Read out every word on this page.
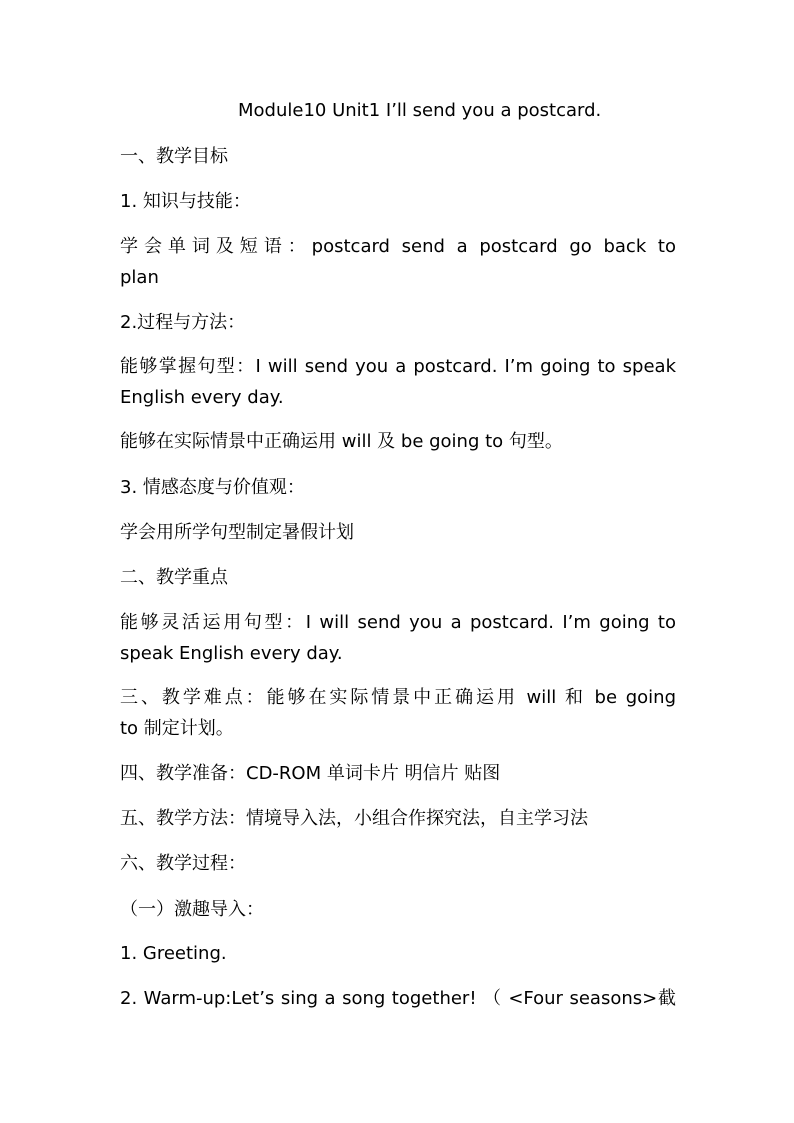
Module10 Unit1 I’ll send you a postcard.
一、教学目标
1. 知识与技能：
学会单词及短语：postcard send a postcard go back to
plan
2.过程与方法：
能够掌握句型：I will send you a postcard. I’m going to speak
English every day.
能够在实际情景中正确运用 will 及 be going to 句型。
3. 情感态度与价值观：
学会用所学句型制定暑假计划
二、教学重点
能够灵活运用句型：I will send you a postcard. I’m going to
speak English every day.
三、教学难点：能够在实际情景中正确运用 will 和 be going
to 制定计划。
四、教学准备：CD-ROM 单词卡片 明信片 贴图
五、教学方法：情境导入法，小组合作探究法，自主学习法
六、教学过程：
（一）激趣导入：
1. Greeting.
2. Warm-up:Let’s sing a song together! （ <Four seasons>截
